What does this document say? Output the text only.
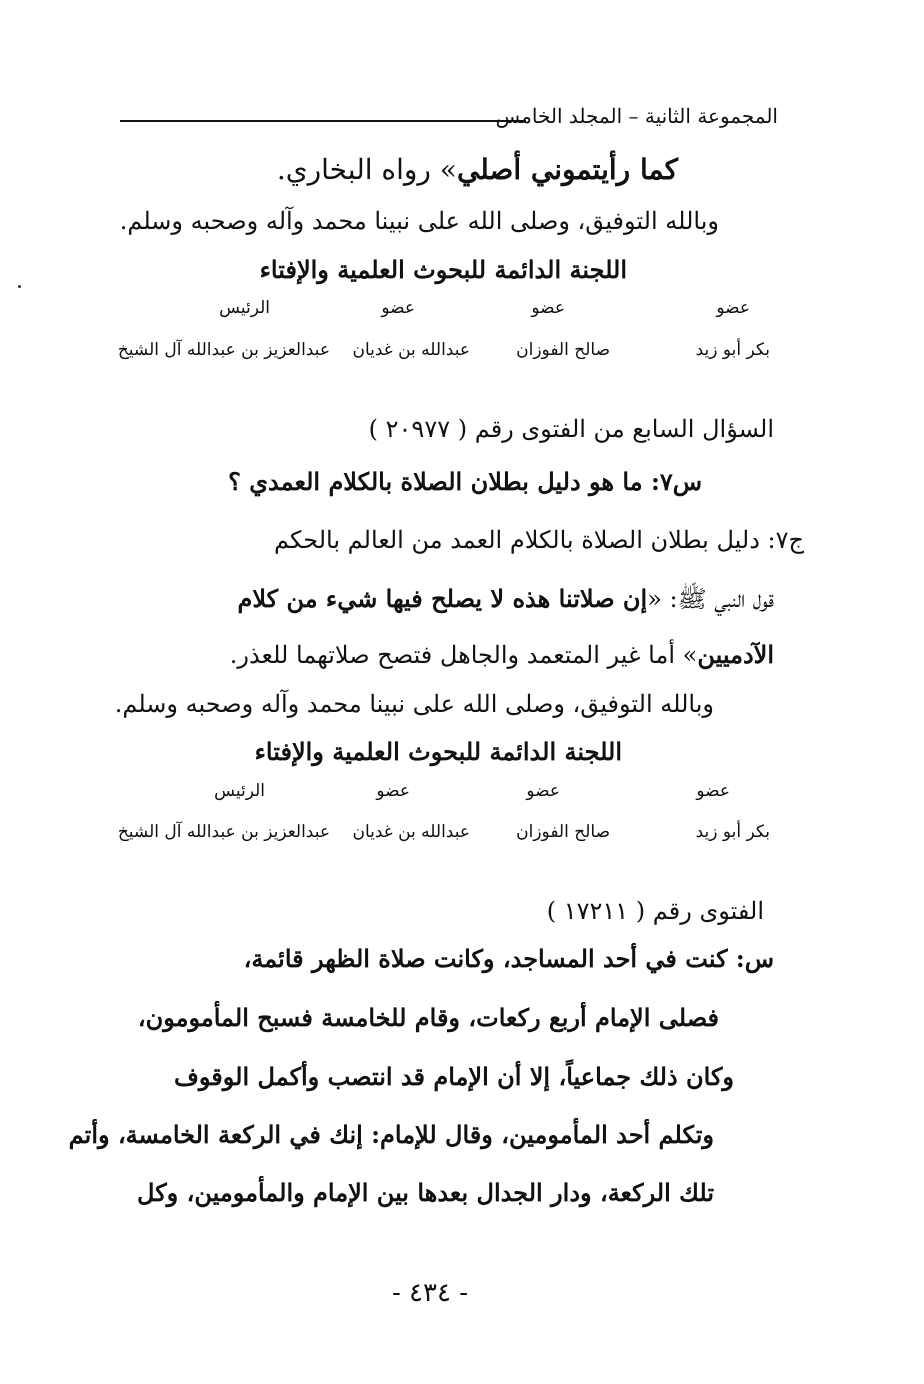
المجموعة الثانية – المجلد الخامس
كما رأيتموني أصلي» رواه البخاري.
وبالله التوفيق، وصلى الله على نبينا محمد وآله وصحبه وسلم.
اللجنة الدائمة للبحوث العلمية والإفتاء
عضو
عضو
عضو
الرئيس
بكر أبو زيد
صالح الفوزان
عبدالله بن غديان
عبدالعزيز بن عبدالله آل الشيخ
السؤال السابع من الفتوى رقم ( ٢٠٩٧٧ )
س٧: ما هو دليل بطلان الصلاة بالكلام العمدي ؟
ج٧: دليل بطلان الصلاة بالكلام العمد من العالم بالحكم
قول النبي ﷺ: «إن صلاتنا هذه لا يصلح فيها شيء من كلام
الآدميين» أما غير المتعمد والجاهل فتصح صلاتهما للعذر.
وبالله التوفيق، وصلى الله على نبينا محمد وآله وصحبه وسلم.
اللجنة الدائمة للبحوث العلمية والإفتاء
عضو
عضو
عضو
الرئيس
بكر أبو زيد
صالح الفوزان
عبدالله بن غديان
عبدالعزيز بن عبدالله آل الشيخ
الفتوى رقم ( ١٧٢١١ )
س: كنت في أحد المساجد، وكانت صلاة الظهر قائمة،
فصلى الإمام أربع ركعات، وقام للخامسة فسبح المأمومون،
وكان ذلك جماعياً، إلا أن الإمام قد انتصب وأكمل الوقوف
وتكلم أحد المأمومين، وقال للإمام: إنك في الركعة الخامسة، وأتم
تلك الركعة، ودار الجدال بعدها بين الإمام والمأمومين، وكل
- ٤٣٤ -
